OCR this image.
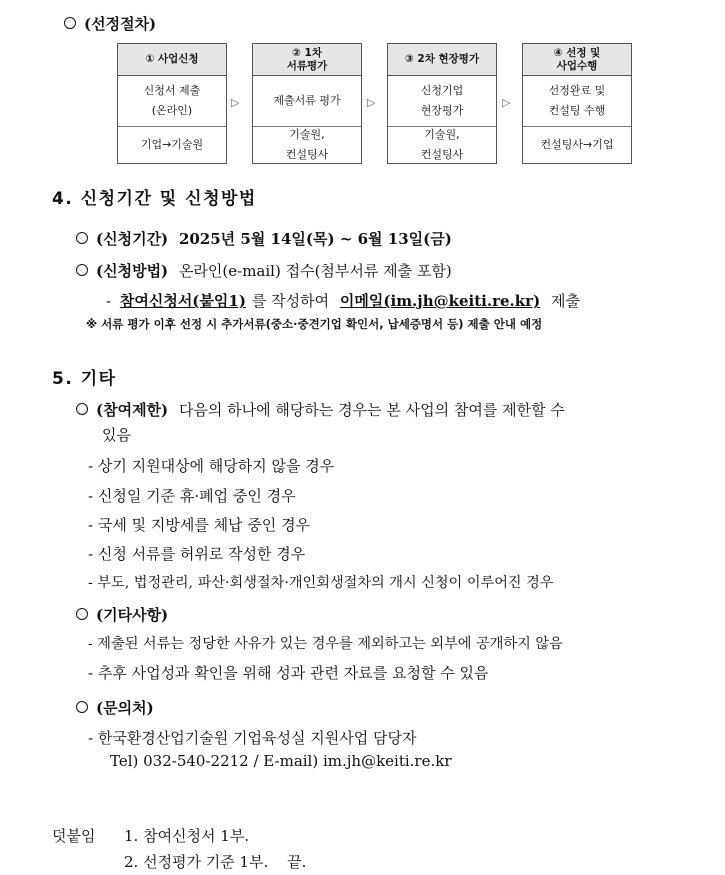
(선정절차)
① 사업신청
신청서 제출
(온라인)
기업→기술원
▷
② 1차
서류평가
제출서류 평가
기술원,
컨설팅사
▷
③ 2차 현장평가
신청기업
현장평가
기술원,
컨설팅사
▷
④ 선정 및
사업수행
선정완료 및
컨설팅 수행
컨설팅사→기업
4. 신청기간 및 신청방법
(신청기간) 2025년 5월 14일(목) ~ 6월 13일(금)
(신청방법) 온라인(e-mail) 접수(첨부서류 제출 포함)
- 참여신청서(붙임1) 를 작성하여 이메일(im.jh@keiti.re.kr) 제출
※ 서류 평가 이후 선정 시 추가서류(중소·중견기업 확인서, 납세증명서 등) 제출 안내 예정
5. 기타
(참여제한) 다음의 하나에 해당하는 경우는 본 사업의 참여를 제한할 수
있음
- 상기 지원대상에 해당하지 않을 경우
- 신청일 기준 휴·폐업 중인 경우
- 국세 및 지방세를 체납 중인 경우
- 신청 서류를 허위로 작성한 경우
- 부도, 법정관리, 파산·회생절차·개인회생절차의 개시 신청이 이루어진 경우
(기타사항)
- 제출된 서류는 정당한 사유가 있는 경우를 제외하고는 외부에 공개하지 않음
- 추후 사업성과 확인을 위해 성과 관련 자료를 요청할 수 있음
(문의처)
- 한국환경산업기술원 기업육성실 지원사업 담당자
Tel) 032-540-2212 / E-mail) im.jh@keiti.re.kr
덧붙임 1. 참여신청서 1부.
2. 선정평가 기준 1부. 끝.
